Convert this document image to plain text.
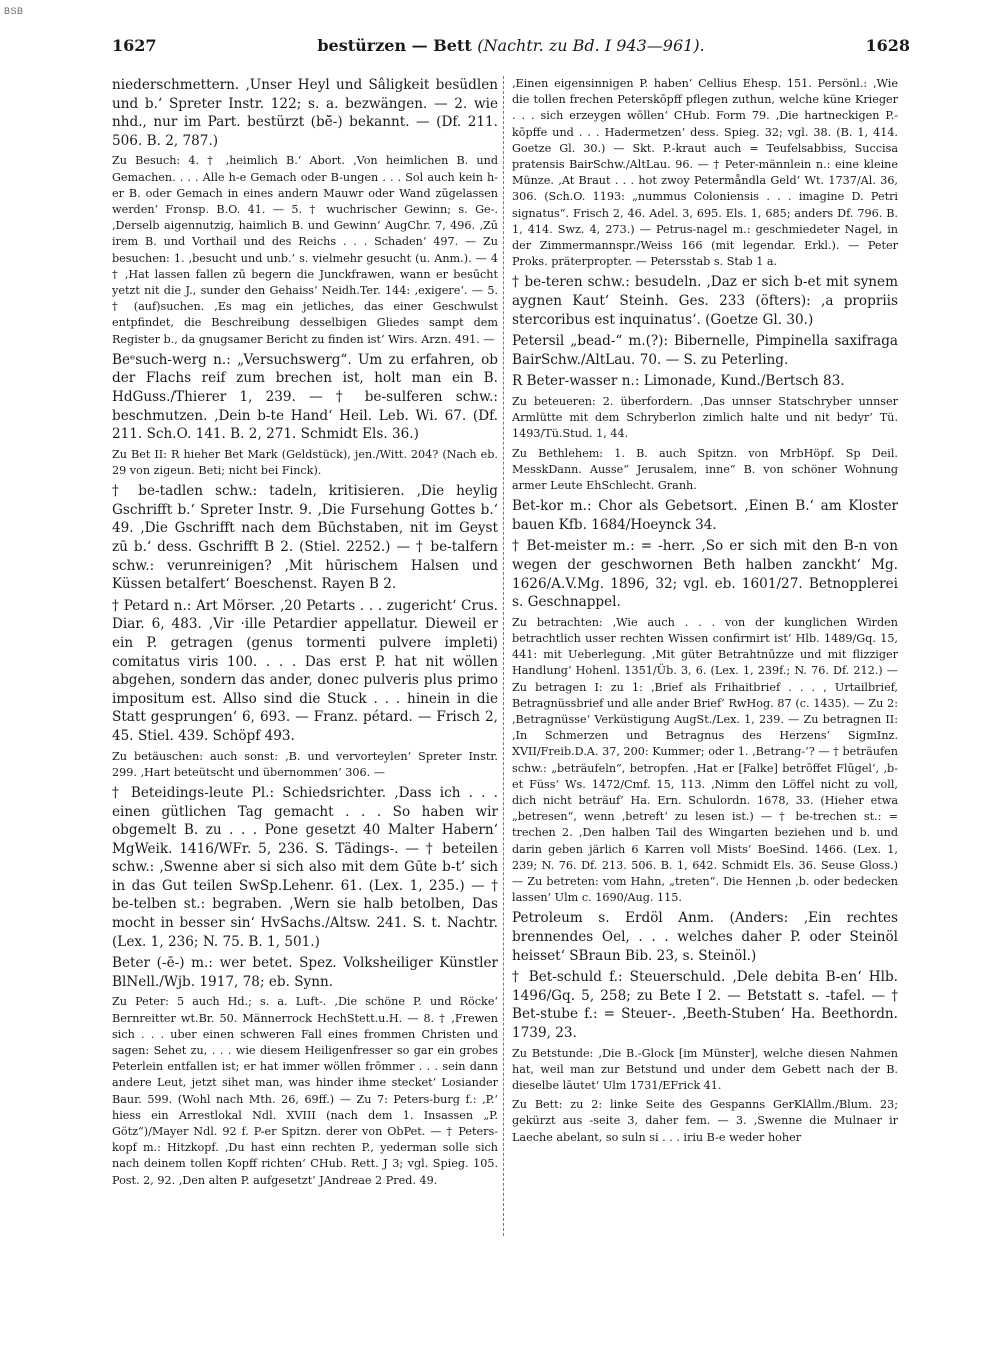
BSB
1627	bestürzen — Bett (Nachtr. zu Bd. I 943—961).	1628

niederschmettern. ‚Unser Heyl und Sâligkeit besüdlen und b.‘ Spreter Instr. 122; s. a. bezwängen. — 2. wie nhd., nur im Part. bestürzt (bē̆-) bekannt. — (Df. 211. 506. B. 2, 787.)

Zu Besuch: 4. † ‚heimlich B.‘ Abort. ‚Von heimlichen B. und Gemachen. . . . Alle h-e Gemach oder B-ungen . . . Sol auch kein h-er B. oder Gemach in eines andern Mauwr oder Wand zūgelassen werden‘ Fronsp. B.O. 41. — 5. † wuchrischer Gewinn; s. Ge-. ‚Derselb aigennutzig, haimlich B. und Gewinn‘ AugChr. 7, 496. ‚Zū irem B. und Vorthail und des Reichs . . . Schaden‘ 497. — Zu besuchen: 1. ‚besucht und unb.‘ s. vielmehr gesucht (u. Anm.). — 4 † ‚Hat lassen fallen zū begern die Junckfrawen, wann er besūcht yetzt nit die J., sunder den Gehaiss‘ Neidh.Ter. 144: ‚exigere‘. — 5. † (auf)suchen. ‚Es mag ein jetliches, das einer Geschwulst entpfindet, die Beschreibung desselbigen Gliedes sampt dem Register b., da gnugsamer Bericht zu finden ist‘ Wirs. Arzn. 491. —

Beᵉsuch-werg n.: „Versuchswerg“. Um zu erfahren, ob der Flachs reif zum brechen ist, holt man ein B. HdGuss./Thierer 1, 239. — † be-sulferen schw.: beschmutzen. ‚Dein b-te Hand‘ Heil. Leb. Wi. 67. (Df. 211. Sch.O. 141. B. 2, 271. Schmidt Els. 36.)

Zu Bet II: R hieher Bet Mark (Geldstück), jen./Witt. 204? (Nach eb. 29 von zigeun. Beti; nicht bei Finck).

† be-tadlen schw.: tadeln, kritisieren. ‚Die heylig Gschrifft b.‘ Spreter Instr. 9. ‚Die Fursehung Gottes b.‘ 49. ‚Die Gschrifft nach dem Būchstaben, nit im Geyst zū b.‘ dess. Gschrifft B 2. (Stiel. 2252.) — † be-talfern schw.: verunreinigen? ‚Mit hūrischem Halsen und Küssen betalfert‘ Boeschenst. Rayen B 2.

† Petard n.: Art Mörser. ‚20 Petarts . . . zugericht‘ Crus. Diar. 6, 483. ‚Vir ·ille Petardier appellatur. Dieweil er ein P. getragen (genus tormenti pulvere impleti) comitatus viris 100. . . . Das erst P. hat nit wöllen abgehen, sondern das ander, donec pulveris plus primo impositum est. Allso sind die Stuck . . . hinein in die Statt gesprungen‘ 6, 693. — Franz. pétard. — Frisch 2, 45. Stiel. 439. Schöpf 493.

Zu betäuschen: auch sonst: ‚B. und vervorteylen‘ Spreter Instr. 299. ‚Hart beteütscht und übernommen‘ 306. —

† Beteidings-leute Pl.: Schiedsrichter. ‚Dass ich . . . einen gütlichen Tag gemacht . . . So haben wir obgemelt B. zu . . . Pone gesetzt 40 Malter Habern‘ MgWeik. 1416/WFr. 5, 236. S. Tädings-. — † beteilen schw.: ‚Swenne aber si sich also mit dem Gūte b-t‘ sich in das Gut teilen SwSp.Lehenr. 61. (Lex. 1, 235.) — † be-telben st.: begraben. ‚Wern sie halb betolben, Das mocht in besser sin‘ HvSachs./Altsw. 241. S. t. Nachtr. (Lex. 1, 236; N. 75. B. 1, 501.)

Beter (-ē-) m.: wer betet. Spez. Volksheiliger Künstler BlNell./Wjb. 1917, 78; eb. Synn.

Zu Peter: 5 auch Hd.; s. a. Luft-. ‚Die schöne P. und Röcke‘ Bernreitter wt.Br. 50. Männerrock HechStett.u.H. — 8. † ‚Frewen sich . . . uber einen schweren Fall eines frommen Christen und sagen: Sehet zu, . . . wie diesem Heiligenfresser so gar ein grobes Peterlein entfallen ist; er hat immer wöllen frōmmer . . . sein dann andere Leut, jetzt sihet man, was hinder ihme stecket‘ Losiander Baur. 599. (Wohl nach Mth. 26, 69ff.) — Zu 7: Peters-burg f.: ‚P.‘ hiess ein Arrestlokal Ndl. XVIII (nach dem 1. Insassen „P. Götz“)/Mayer Ndl. 92 f. P-er Spitzn. derer von ObPet. — † Peters-kopf m.: Hitzkopf. ‚Du hast einn rechten P., yederman solle sich nach deinem tollen Kopff richten‘ CHub. Rett. J 3; vgl. Spieg. 105. Post. 2, 92. ‚Den alten P. aufgesetzt‘ JAndreae 2 Pred. 49.

‚Einen eigensinnigen P. haben‘ Cellius Ehesp. 151. Persönl.: ‚Wie die tollen frechen Peterskōpff pflegen zuthun, welche küne Krieger . . . sich erzeygen wōllen‘ CHub. Form 79. ‚Die hartneckigen P.-kōpffe und . . . Hadermetzen‘ dess. Spieg. 32; vgl. 38. (B. 1, 414. Goetze Gl. 30.) — Skt. P.-kraut auch = Teufelsabbiss, Succisa pratensis BairSchw./AltLau. 96. — † Peter-männlein n.: eine kleine Münze. ‚At Braut . . . hot zwoy Petermåndla Geld‘ Wt. 1737/Al. 36, 306. (Sch.O. 1193: „nummus Coloniensis . . . imagine D. Petri signatus“. Frisch 2, 46. Adel. 3, 695. Els. 1, 685; anders Df. 796. B. 1, 414. Swz. 4, 273.) — Petrus-nagel m.: geschmiedeter Nagel, in der Zimmermannspr./Weiss 166 (mit legendar. Erkl.). — Peter Proks. präterpropter. — Petersstab s. Stab 1 a.

† be-teren schw.: besudeln. ‚Daz er sich b-et mit synem aygnen Kaut‘ Steinh. Ges. 233 (öfters): ‚a propriis stercoribus est inquinatus‘. (Goetze Gl. 30.)

Petersil „bead-“ m.(?): Bibernelle, Pimpinella saxifraga BairSchw./AltLau. 70. — S. zu Peterling.

R Beter-wasser n.: Limonade, Kund./Bertsch 83.

Zu beteueren: 2. überfordern. ‚Das unnser Statschryber unnser Armlütte mit dem Schryberlon zimlich halte und nit bedyr‘ Tü. 1493/Tü.Stud. 1, 44.

Zu Bethlehem: 1. B. auch Spitzn. von MrbHöpf. Sp Deil. MesskDann. Ausse“ Jerusalem, inne“ B. von schöner Wohnung armer Leute EhSchlecht. Granh.

Bet-kor m.: Chor als Gebetsort. ‚Einen B.‘ am Kloster bauen Kfb. 1684/Hoeynck 34.

† Bet-meister m.: = -herr. ‚So er sich mit den B-n von wegen der geschwornen Beth halben zanckht‘ Mg. 1626/A.V.Mg. 1896, 32; vgl. eb. 1601/27. Betnopplerei s. Geschnappel.

Zu betrachten: ‚Wie auch . . . von der kunglichen Wirden betrachtlich usser rechten Wissen confirmirt ist‘ Hlb. 1489/Gq. 15, 441: mit Ueberlegung. ‚Mit güter Betrahtnūzze und mit flizziger Handlung‘ Hohenl. 1351/Üb. 3, 6. (Lex. 1, 239f.; N. 76. Df. 212.) — Zu betragen I: zu 1: ‚Brief als Frihaitbrief . . . , Urtailbrief, Betragnüssbrief und alle ander Brief‘ RwHog. 87 (c. 1435). — Zu 2: ‚Betragnüsse‘ Verküstigung AugSt./Lex. 1, 239. — Zu betragnen II: ‚In Schmerzen und Betragnus des Herzens‘ SigmInz. XVII/Freib.D.A. 37, 200: Kummer; oder 1. ‚Betrang-‘? — † beträufen schw.: „beträufeln“, betropfen. ‚Hat er [Falke] betrōffet Flūgel‘, ‚b-et Füss‘ Ws. 1472/Cmf. 15, 113. ‚Nimm den Löffel nicht zu voll, dich nicht beträuf‘ Ha. Ern. Schulordn. 1678, 33. (Hieher etwa „betresen“, wenn ‚betreft‘ zu lesen ist.) — † be-trechen st.: = trechen 2. ‚Den halben Tail des Wingarten beziehen und b. und darin geben järlich 6 Karren voll Mists‘ BoeSind. 1466. (Lex. 1, 239; N. 76. Df. 213. 506. B. 1, 642. Schmidt Els. 36. Seuse Gloss.) — Zu betreten: vom Hahn, „treten“. Die Hennen ‚b. oder bedecken lassen‘ Ulm c. 1690/Aug. 115.

Petroleum s. Erdöl Anm. (Anders: ‚Ein rechtes brennendes Oel, . . . welches daher P. oder Steinöl heisset‘ SBraun Bib. 23, s. Steinöl.)

† Bet-schuld f.: Steuerschuld. ‚Dele debita B-en‘ Hlb. 1496/Gq. 5, 258; zu Bete I 2. — Betstatt s. -tafel. — † Bet-stube f.: = Steuer-. ‚Beeth-Stuben‘ Ha. Beethordn. 1739, 23.

Zu Betstunde: ‚Die B.-Glock [im Münster], welche diesen Nahmen hat, weil man zur Betstund und under dem Gebett nach der B. dieselbe lāutet‘ Ulm 1731/EFrick 41.

Zu Bett: zu 2: linke Seite des Gespanns GerKlAllm./Blum. 23; gekürzt aus -seite 3, daher fem. — 3. ‚Swenne die Mulnaer ir Laeche abelant, so suln si . . . iriu B-e weder hoher
